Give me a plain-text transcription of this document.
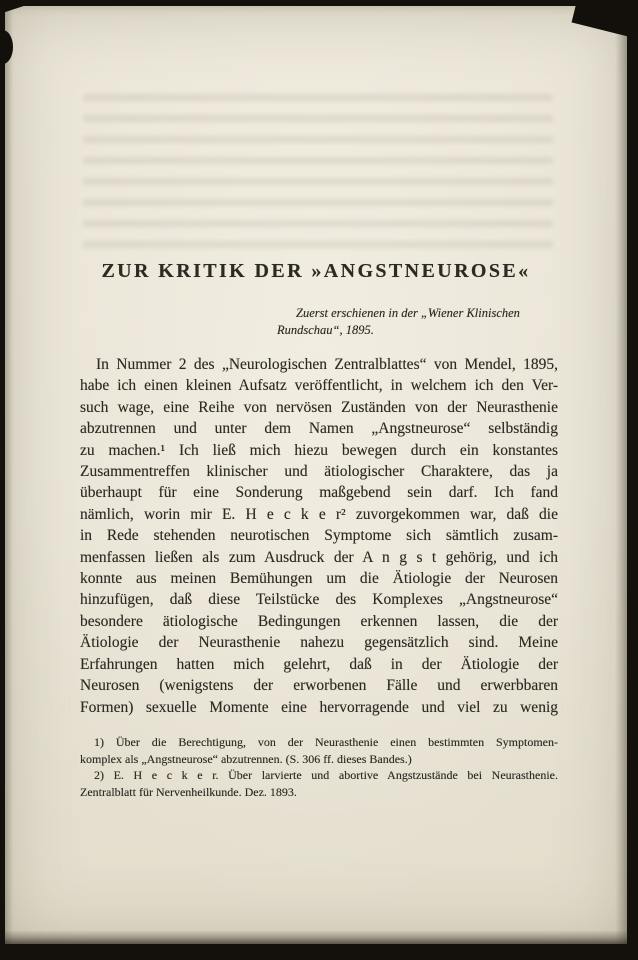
ZUR KRITIK DER »ANGSTNEUROSE«
Zuerst erschienen in der „Wiener Klinischen
Rundschau“, 1895.
In Nummer 2 des „Neurologischen Zentralblattes“ von Mendel, 1895,
habe ich einen kleinen Aufsatz veröffentlicht, in welchem ich den Ver-
such wage, eine Reihe von nervösen Zuständen von der Neurasthenie
abzutrennen und unter dem Namen „Angstneurose“ selbständig
zu machen.¹ Ich ließ mich hiezu bewegen durch ein konstantes
Zusammentreffen klinischer und ätiologischer Charaktere, das ja
überhaupt für eine Sonderung maßgebend sein darf. Ich fand
nämlich, worin mir E. H e c k e r² zuvorgekommen war, daß die
in Rede stehenden neurotischen Symptome sich sämtlich zusam-
menfassen ließen als zum Ausdruck der A n g s t gehörig, und ich
konnte aus meinen Bemühungen um die Ätiologie der Neurosen
hinzufügen, daß diese Teilstücke des Komplexes „Angstneurose“
besondere ätiologische Bedingungen erkennen lassen, die der
Ätiologie der Neurasthenie nahezu gegensätzlich sind. Meine
Erfahrungen hatten mich gelehrt, daß in der Ätiologie der
Neurosen (wenigstens der erworbenen Fälle und erwerbbaren
Formen) sexuelle Momente eine hervorragende und viel zu wenig
1) Über die Berechtigung, von der Neurasthenie einen bestimmten Symptomen-
komplex als „Angstneurose“ abzutrennen. (S. 306 ff. dieses Bandes.)
2) E. H e c k e r. Über larvierte und abortive Angstzustände bei Neurasthenie.
Zentralblatt für Nervenheilkunde. Dez. 1893.
